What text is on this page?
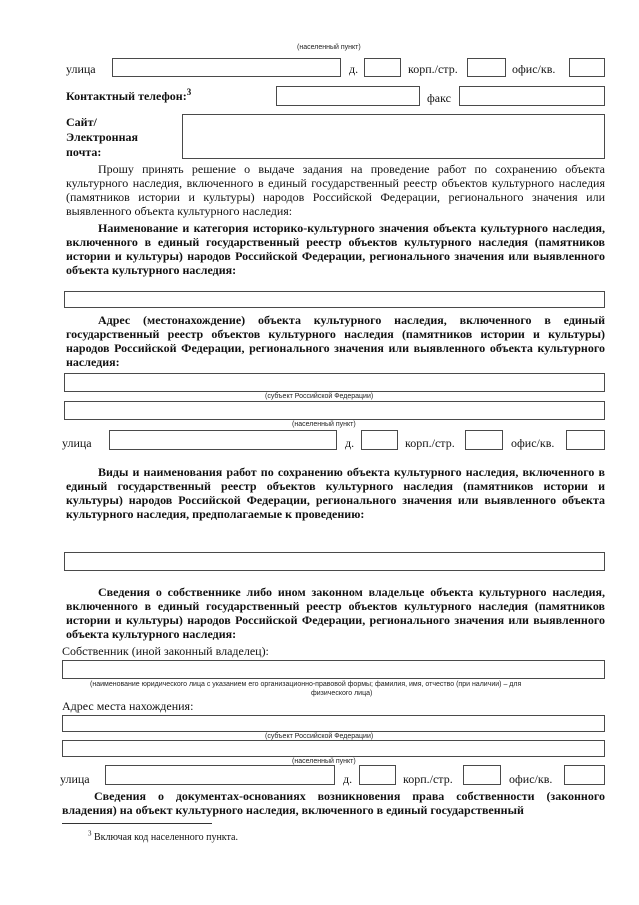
(населенный пункт)
улица	д.	корп./стр.	офис/кв.
Контактный телефон:$^3$	факс
Сайт/
Электронная
почта:
Прошу принять решение о выдаче задания на проведение работ по сохранению объекта культурного наследия, включенного в единый государственный реестр объектов культурного наследия (памятников истории и культуры) народов Российской Федерации, регионального значения или выявленного объекта культурного наследия:
Наименование и категория историко-культурного значения объекта культурного наследия, включенного в единый государственный реестр объектов культурного наследия (памятников истории и культуры) народов Российской Федерации, регионального значения или выявленного объекта культурного наследия:
Адрес (местонахождение) объекта культурного наследия, включенного в единый государственный реестр объектов культурного наследия (памятников истории и культуры) народов Российской Федерации, регионального значения или выявленного объекта культурного наследия:
(субъект Российской Федерации)
(населенный пункт)
улица	д.	корп./стр.	офис/кв.
Виды и наименования работ по сохранению объекта культурного наследия, включенного в единый государственный реестр объектов культурного наследия (памятников истории и культуры) народов Российской Федерации, регионального значения или выявленного объекта культурного наследия, предполагаемые к проведению:
Сведения о собственнике либо ином законном владельце объекта культурного наследия, включенного в единый государственный реестр объектов культурного наследия (памятников истории и культуры) народов Российской Федерации, регионального значения или выявленного объекта культурного наследия:
Собственник (иной законный владелец):
(наименование юридического лица с указанием его организационно-правовой формы; фамилия, имя, отчество (при наличии) – для
физического лица)
Адрес места нахождения:
(субъект Российской Федерации)
(населенный пункт)
улица	д.	корп./стр.	офис/кв.
Сведения о документах-основаниях возникновения права собственности (законного владения) на объект культурного наследия, включенного в единый государственный
$^3$ Включая код населенного пункта.
